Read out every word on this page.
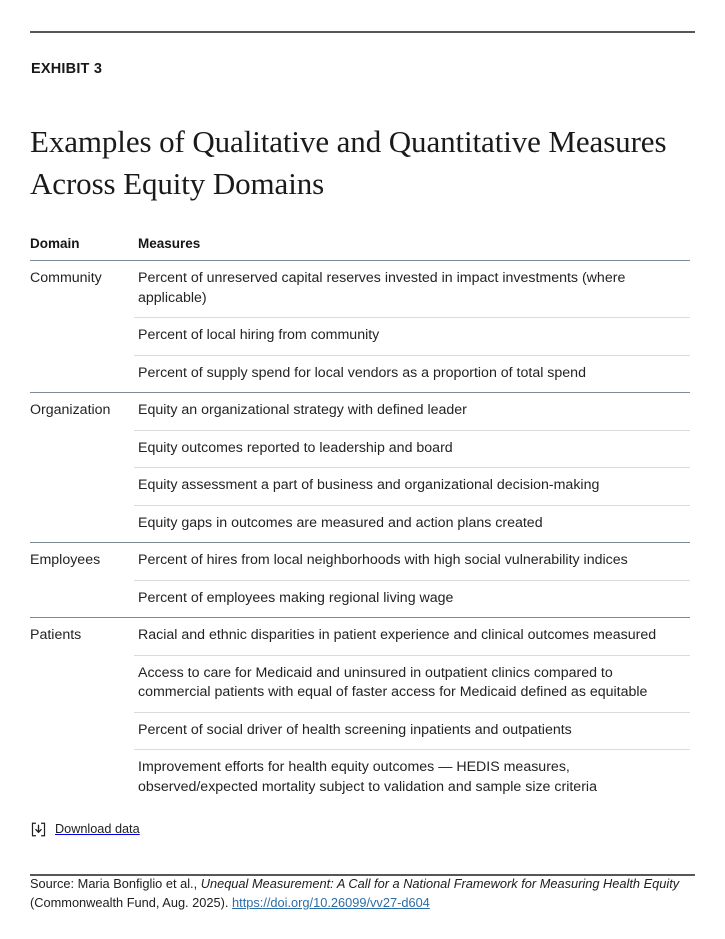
EXHIBIT 3
Examples of Qualitative and Quantitative Measures Across Equity Domains
Domain	Measures
Community	Percent of unreserved capital reserves invested in impact investments (where applicable)
	Percent of local hiring from community
	Percent of supply spend for local vendors as a proportion of total spend
Organization	Equity an organizational strategy with defined leader
	Equity outcomes reported to leadership and board
	Equity assessment a part of business and organizational decision-making
	Equity gaps in outcomes are measured and action plans created
Employees	Percent of hires from local neighborhoods with high social vulnerability indices
	Percent of employees making regional living wage
Patients	Racial and ethnic disparities in patient experience and clinical outcomes measured
	Access to care for Medicaid and uninsured in outpatient clinics compared to commercial patients with equal of faster access for Medicaid defined as equitable
	Percent of social driver of health screening inpatients and outpatients
	Improvement efforts for health equity outcomes — HEDIS measures, observed/expected mortality subject to validation and sample size criteria
Download data

Source: Maria Bonfiglio et al., Unequal Measurement: A Call for a National Framework for Measuring Health Equity (Commonwealth Fund, Aug. 2025). https://doi.org/10.26099/vv27-d604
